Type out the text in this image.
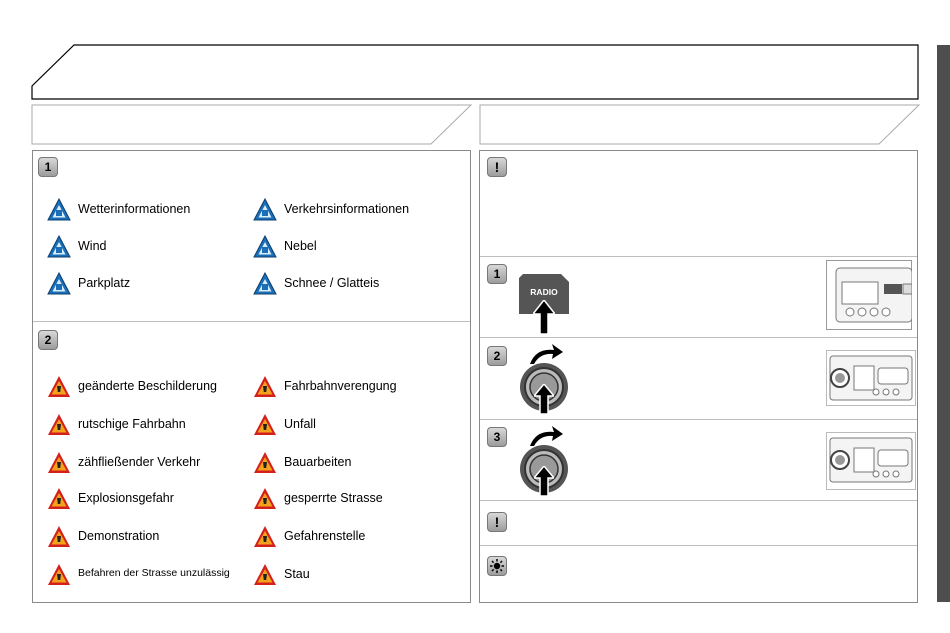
1
2
!
1
2
3
!
RADIO
Wetterinformationen	Verkehrsinformationen
Wind	Nebel
Parkplatz	Schnee / Glatteis
geänderte Beschilderung	Fahrbahnverengung
rutschige Fahrbahn	Unfall
zähfließender Verkehr	Bauarbeiten
Explosionsgefahr	gesperrte Strasse
Demonstration	Gefahrenstelle
Befahren der Strasse unzulässig	Stau
